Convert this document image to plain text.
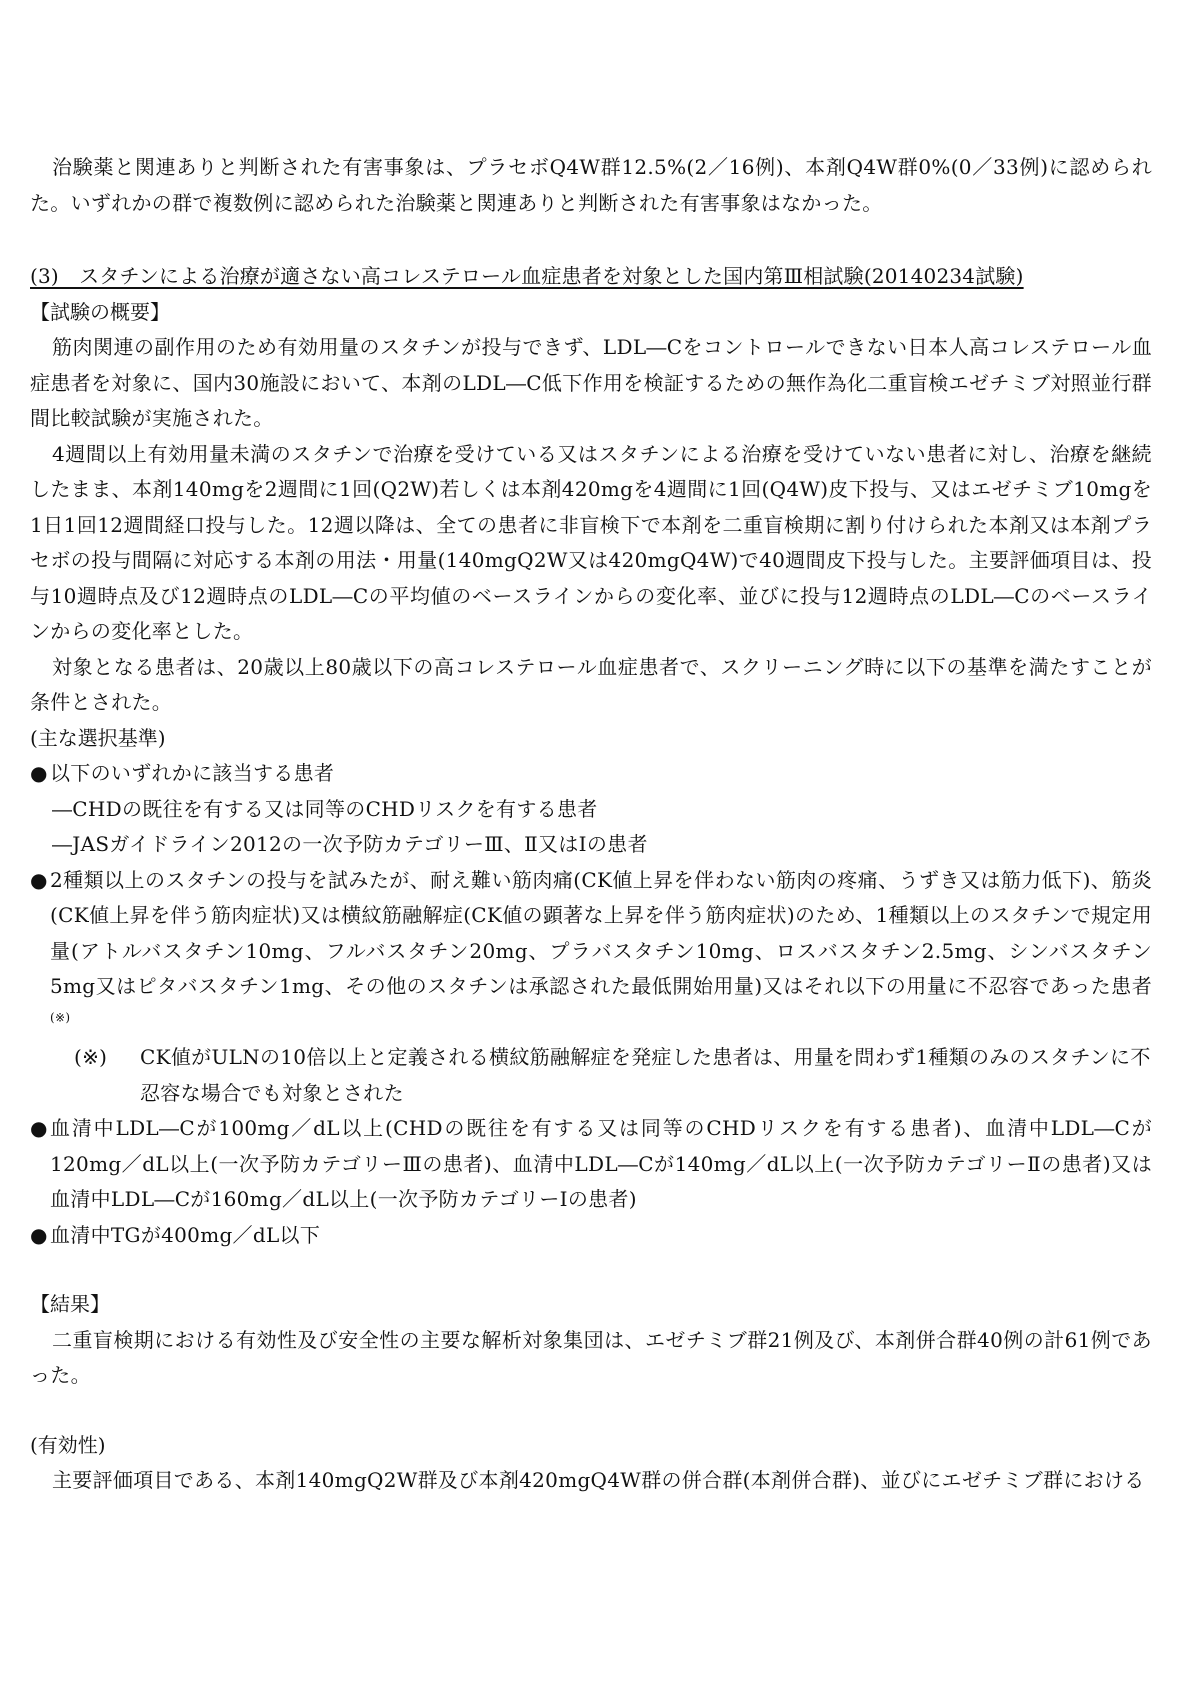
治験薬と関連ありと判断された有害事象は、プラセボQ4W群12.5%(2／16例)、本剤Q4W群0%(0／33例)に認められた。いずれかの群で複数例に認められた治験薬と関連ありと判断された有害事象はなかった。

(3)　スタチンによる治療が適さない高コレステロール血症患者を対象とした国内第Ⅲ相試験(20140234試験)
【試験の概要】

筋肉関連の副作用のため有効用量のスタチンが投与できず、LDL―Cをコントロールできない日本人高コレステロール血症患者を対象に、国内30施設において、本剤のLDL―C低下作用を検証するための無作為化二重盲検エゼチミブ対照並行群間比較試験が実施された。

4週間以上有効用量未満のスタチンで治療を受けている又はスタチンによる治療を受けていない患者に対し、治療を継続したまま、本剤140mgを2週間に1回(Q2W)若しくは本剤420mgを4週間に1回(Q4W)皮下投与、又はエゼチミブ10mgを1日1回12週間経口投与した。12週以降は、全ての患者に非盲検下で本剤を二重盲検期に割り付けられた本剤又は本剤プラセボの投与間隔に対応する本剤の用法・用量(140mgQ2W又は420mgQ4W)で40週間皮下投与した。主要評価項目は、投与10週時点及び12週時点のLDL―Cの平均値のベースラインからの変化率、並びに投与12週時点のLDL―Cのベースラインからの変化率とした。

対象となる患者は、20歳以上80歳以下の高コレステロール血症患者で、スクリーニング時に以下の基準を満たすことが条件とされた。

(主な選択基準)
● 以下のいずれかに該当する患者
―CHDの既往を有する又は同等のCHDリスクを有する患者
―JASガイドライン2012の一次予防カテゴリーⅢ、Ⅱ又はⅠの患者
● 2種類以上のスタチンの投与を試みたが、耐え難い筋肉痛(CK値上昇を伴わない筋肉の疼痛、うずき又は筋力低下)、筋炎(CK値上昇を伴う筋肉症状)又は横紋筋融解症(CK値の顕著な上昇を伴う筋肉症状)のため、1種類以上のスタチンで規定用量(アトルバスタチン10mg、フルバスタチン20mg、プラバスタチン10mg、ロスバスタチン2.5mg、シンバスタチン5mg又はピタバスタチン1mg、その他のスタチンは承認された最低開始用量)又はそれ以下の用量に不忍容であった患者(※)
(※) CK値がULNの10倍以上と定義される横紋筋融解症を発症した患者は、用量を問わず1種類のみのスタチンに不忍容な場合でも対象とされた
● 血清中LDL―Cが100mg／dL以上(CHDの既往を有する又は同等のCHDリスクを有する患者)、血清中LDL―Cが120mg／dL以上(一次予防カテゴリーⅢの患者)、血清中LDL―Cが140mg／dL以上(一次予防カテゴリーⅡの患者)又は血清中LDL―Cが160mg／dL以上(一次予防カテゴリーⅠの患者)
● 血清中TGが400mg／dL以下
【結果】

二重盲検期における有効性及び安全性の主要な解析対象集団は、エゼチミブ群21例及び、本剤併合群40例の計61例であった。

(有効性)

主要評価項目である、本剤140mgQ2W群及び本剤420mgQ4W群の併合群(本剤併合群)、並びにエゼチミブ群における
